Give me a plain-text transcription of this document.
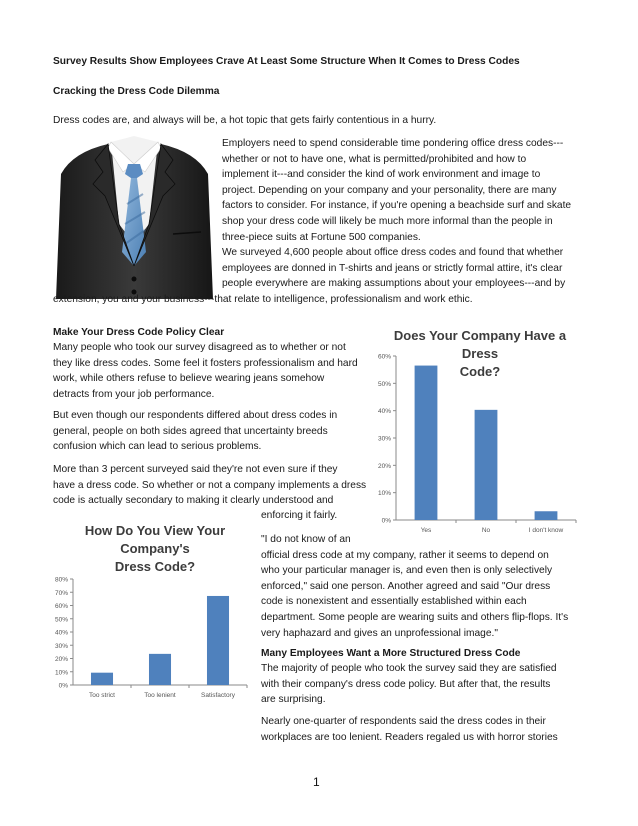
Survey Results Show Employees Crave At Least Some Structure When It Comes to Dress Codes
Cracking the Dress Code Dilemma
Dress codes are, and always will be, a hot topic that gets fairly contentious in a hurry.
Employers need to spend considerable time pondering office dress codes---
whether or not to have one, what is permitted/prohibited and how to
implement it---and consider the kind of work environment and image to
project. Depending on your company and your personality, there are many
factors to consider. For instance, if you're opening a beachside surf and skate
shop your dress code will likely be much more informal than the people in
three-piece suits at Fortune 500 companies.
We surveyed 4,600 people about office dress codes and found that whether
employees are donned in T-shirts and jeans or strictly formal attire, it's clear
people everywhere are making assumptions about your employees---and by
extension, you and your business---that relate to intelligence, professionalism and work ethic.
Make Your Dress Code Policy Clear
Many people who took our survey disagreed as to whether or not
they like dress codes. Some feel it fosters professionalism and hard
work, while others refuse to believe wearing jeans somehow
detracts from your job performance.
But even though our respondents differed about dress codes in
general, people on both sides agreed that uncertainty breeds
confusion which can lead to serious problems.
More than 3 percent surveyed said they're not even sure if they
have a dress code. So whether or not a company implements a dress
code is actually secondary to making it clearly understood and
enforcing it fairly.
Does Your Company Have a Dress
Code?
0%
10%
20%
30%
40%
50%
60%
Yes	No	I don't know
How Do You View Your Company's
Dress Code?
0%
10%
20%
30%
40%
50%
60%
70%
80%
Too strict	Too lenient	Satisfactory
"I do not know of an
official dress code at my company, rather it seems to depend on
who your particular manager is, and even then is only selectively
enforced," said one person. Another agreed and said "Our dress
code is nonexistent and essentially established within each
department. Some people are wearing suits and others flip-flops. It's
very haphazard and gives an unprofessional image."
Many Employees Want a More Structured Dress Code
The majority of people who took the survey said they are satisfied
with their company's dress code policy. But after that, the results
are surprising.
Nearly one-quarter of respondents said the dress codes in their
workplaces are too lenient. Readers regaled us with horror stories
1
